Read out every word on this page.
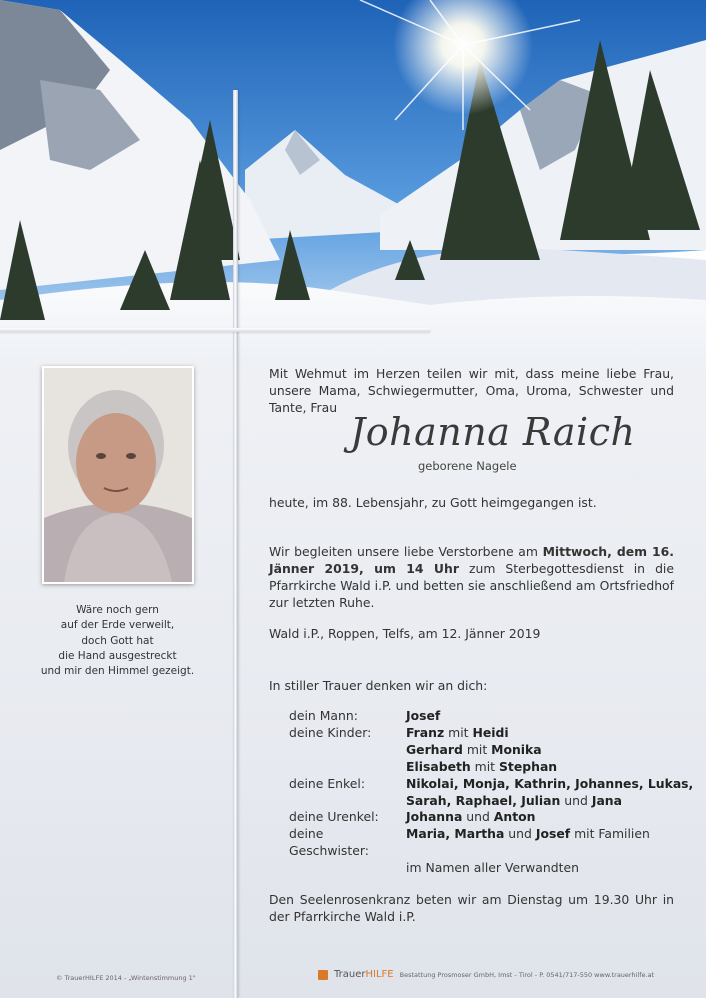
Wäre noch gern
auf der Erde verweilt,
doch Gott hat
die Hand ausgestreckt
und mir den Himmel gezeigt.

Mit Wehmut im Herzen teilen wir mit, dass meine liebe Frau, unsere Mama, Schwiegermutter, Oma, Uroma, Schwester und Tante, Frau

Johanna Raich
geborene Nagele

heute, im 88. Lebensjahr, zu Gott heimgegangen ist.

Wir begleiten unsere liebe Verstorbene am Mittwoch, dem 16. Jänner 2019, um 14 Uhr zum Sterbegottesdienst in die Pfarrkirche Wald i.P. und betten sie anschließend am Ortsfriedhof zur letzten Ruhe.

Wald i.P., Roppen, Telfs, am 12. Jänner 2019

In stiller Trauer denken wir an dich:

dein Mann:	Josef
deine Kinder:	Franz mit Heidi
Gerhard mit Monika
Elisabeth mit Stephan
deine Enkel:	Nikolai, Monja, Kathrin, Johannes, Lukas,
Sarah, Raphael, Julian und Jana
deine Urenkel:	Johanna und Anton
deine Geschwister:
Maria, Martha und Josef mit Familien
im Namen aller Verwandten

Den Seelenrosenkranz beten wir am Dienstag um 19.30 Uhr in der Pfarrkirche Wald i.P.

© TrauerHILFE 2014 - „Wintenstimmung 1"	TrauerHILFE Bestattung Prosmoser GmbH, Imst - Tirol - P. 0541/717-550 www.trauerhilfe.at
